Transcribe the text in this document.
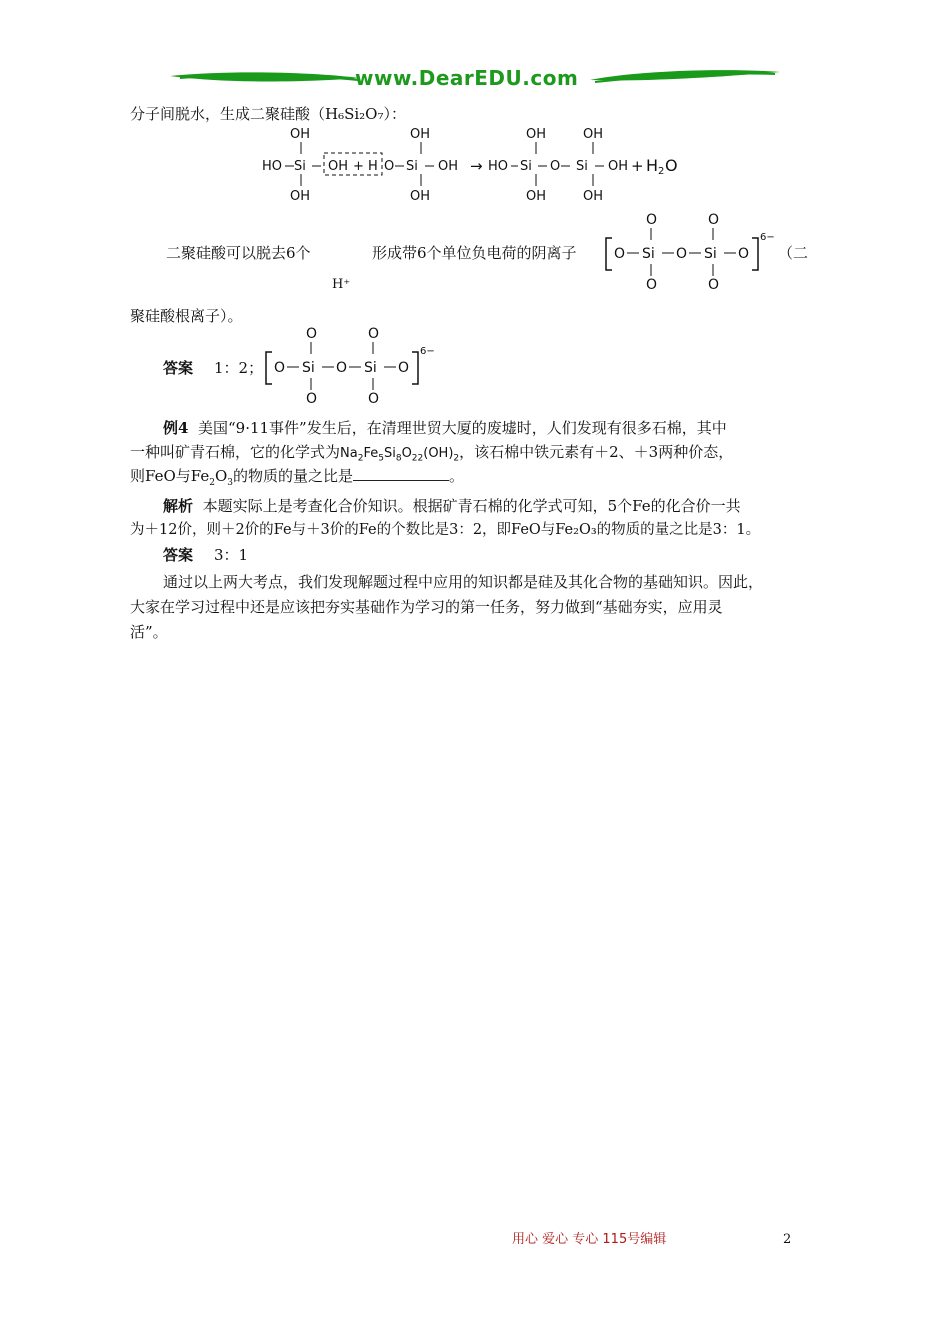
www.DearEDU.com
分子间脱水，生成二聚硅酸（H₆Si₂O₇）：
OH
HO Si
OH
OH + H O
OH
Si OH
OH
→ HO
OH
Si
OH
O
OH
Si
OH
OH + H 2 O
二聚硅酸可以脱去6个	形成带6个单位负电荷的阴离子	（二
H⁺
聚硅酸根离子）。
O
O
Si
O
O
O
Si
O
O
6−
答案 1：2； O
O
Si
O
O
O
Si
O
O
6−
例4 美国“9·11事件”发生后，在清理世贸大厦的废墟时，人们发现有很多石棉，其中
一种叫矿青石棉，它的化学式为$Na_2Fe_5Si_8O_{22}(OH)_2$，该石棉中铁元素有＋2、＋3两种价态，
则FeO与$Fe_2O_3$的物质的量之比是	。
解析 本题实际上是考查化合价知识。根据矿青石棉的化学式可知，5个Fe的化合价一共
为＋12价，则＋2价的Fe与＋3价的Fe的个数比是3：2，即FeO与Fe₂O₃的物质的量之比是3：1。
答案 3：1
通过以上两大考点，我们发现解题过程中应用的知识都是硅及其化合物的基础知识。因此，
大家在学习过程中还是应该把夯实基础作为学习的第一任务，努力做到“基础夯实，应用灵
活”。
用心 爱心 专心 115号编辑	2
